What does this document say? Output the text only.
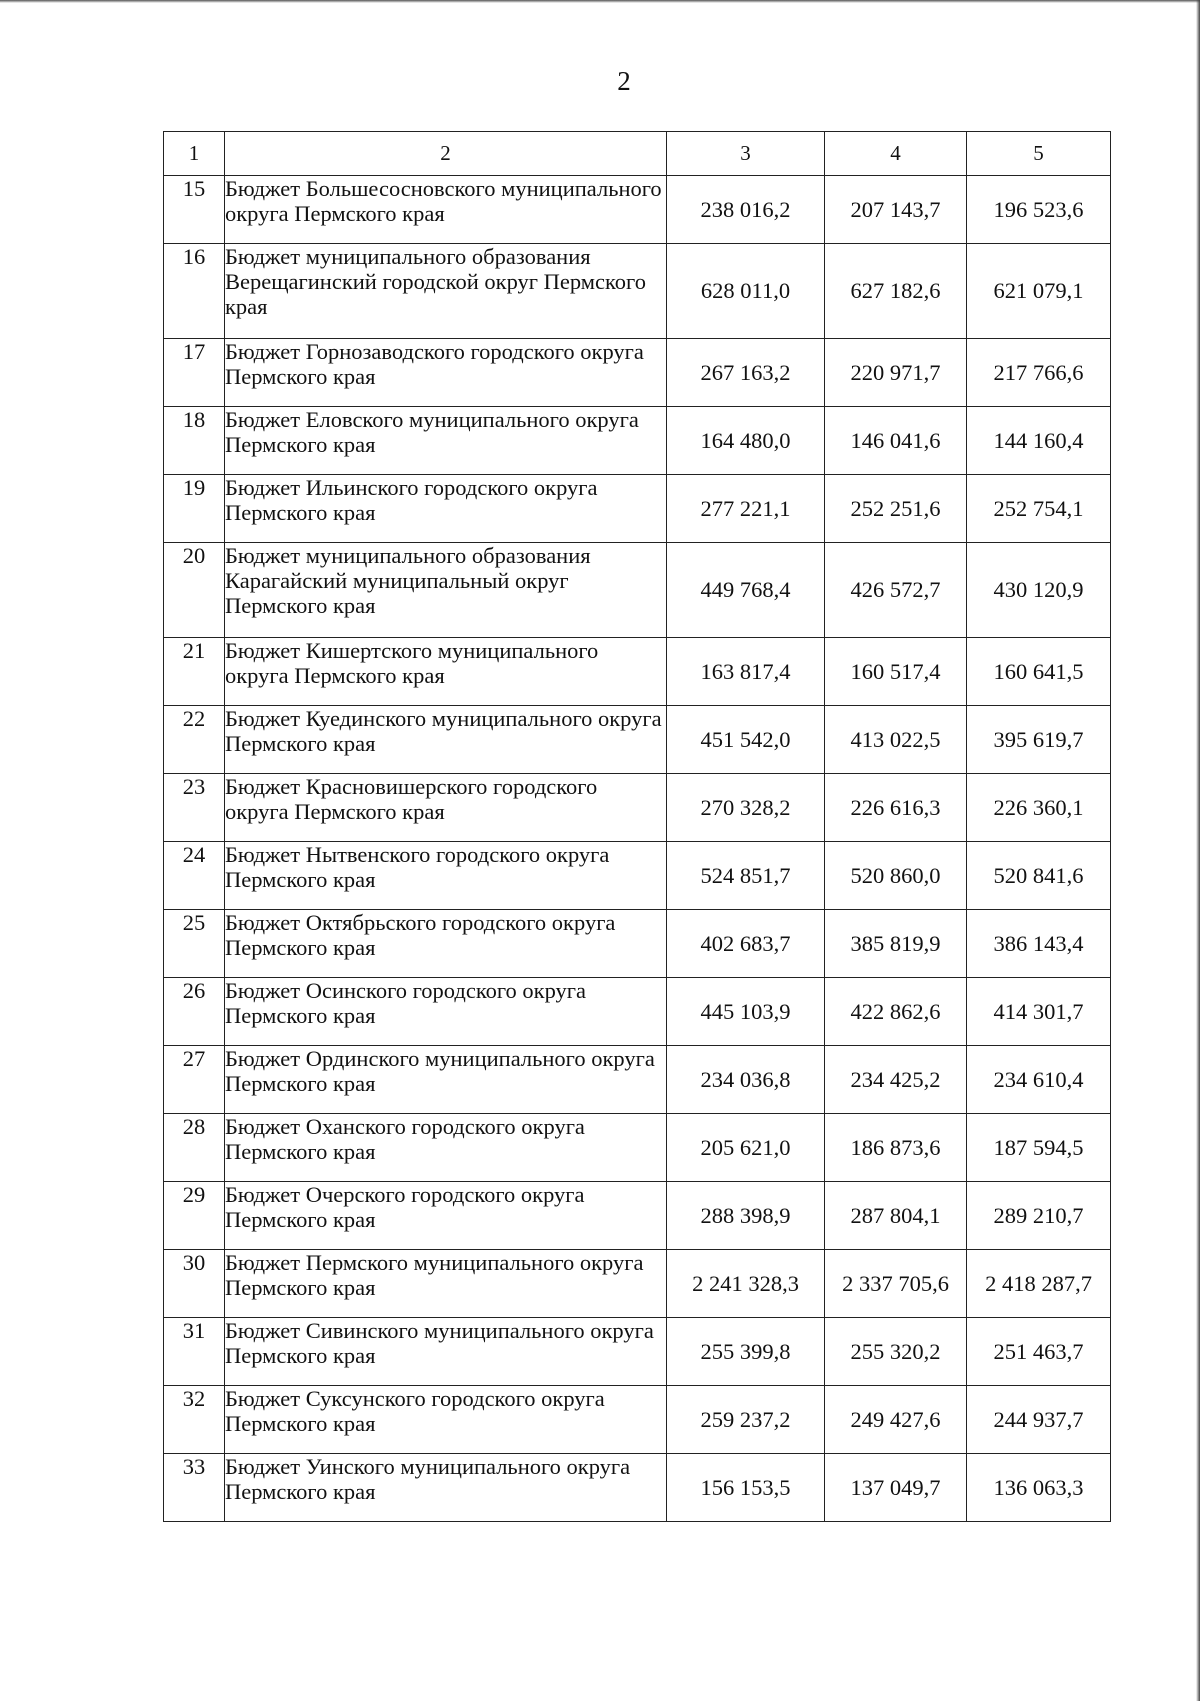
2
1	2	3	4	5
15	Бюджет Большесосновского муниципального округа Пермского края	238 016,2	207 143,7	196 523,6
16	Бюджет муниципального образования Верещагинский городской округ Пермского края	628 011,0	627 182,6	621 079,1
17	Бюджет Горнозаводского городского округа Пермского края	267 163,2	220 971,7	217 766,6
18	Бюджет Еловского муниципального округа Пермского края	164 480,0	146 041,6	144 160,4
19	Бюджет Ильинского городского округа Пермского края	277 221,1	252 251,6	252 754,1
20	Бюджет муниципального образования Карагайский муниципальный округ Пермского края	449 768,4	426 572,7	430 120,9
21	Бюджет Кишертского муниципального округа Пермского края	163 817,4	160 517,4	160 641,5
22	Бюджет Куединского муниципального округа Пермского края	451 542,0	413 022,5	395 619,7
23	Бюджет Красновишерского городского округа Пермского края	270 328,2	226 616,3	226 360,1
24	Бюджет Нытвенского городского округа Пермского края	524 851,7	520 860,0	520 841,6
25	Бюджет Октябрьского городского округа Пермского края	402 683,7	385 819,9	386 143,4
26	Бюджет Осинского городского округа Пермского края	445 103,9	422 862,6	414 301,7
27	Бюджет Ординского муниципального округа Пермского края	234 036,8	234 425,2	234 610,4
28	Бюджет Оханского городского округа Пермского края	205 621,0	186 873,6	187 594,5
29	Бюджет Очерского городского округа Пермского края	288 398,9	287 804,1	289 210,7
30	Бюджет Пермского муниципального округа Пермского края	2 241 328,3	2 337 705,6	2 418 287,7
31	Бюджет Сивинского муниципального округа Пермского края	255 399,8	255 320,2	251 463,7
32	Бюджет Суксунского городского округа Пермского края	259 237,2	249 427,6	244 937,7
33	Бюджет Уинского муниципального округа Пермского края	156 153,5	137 049,7	136 063,3
